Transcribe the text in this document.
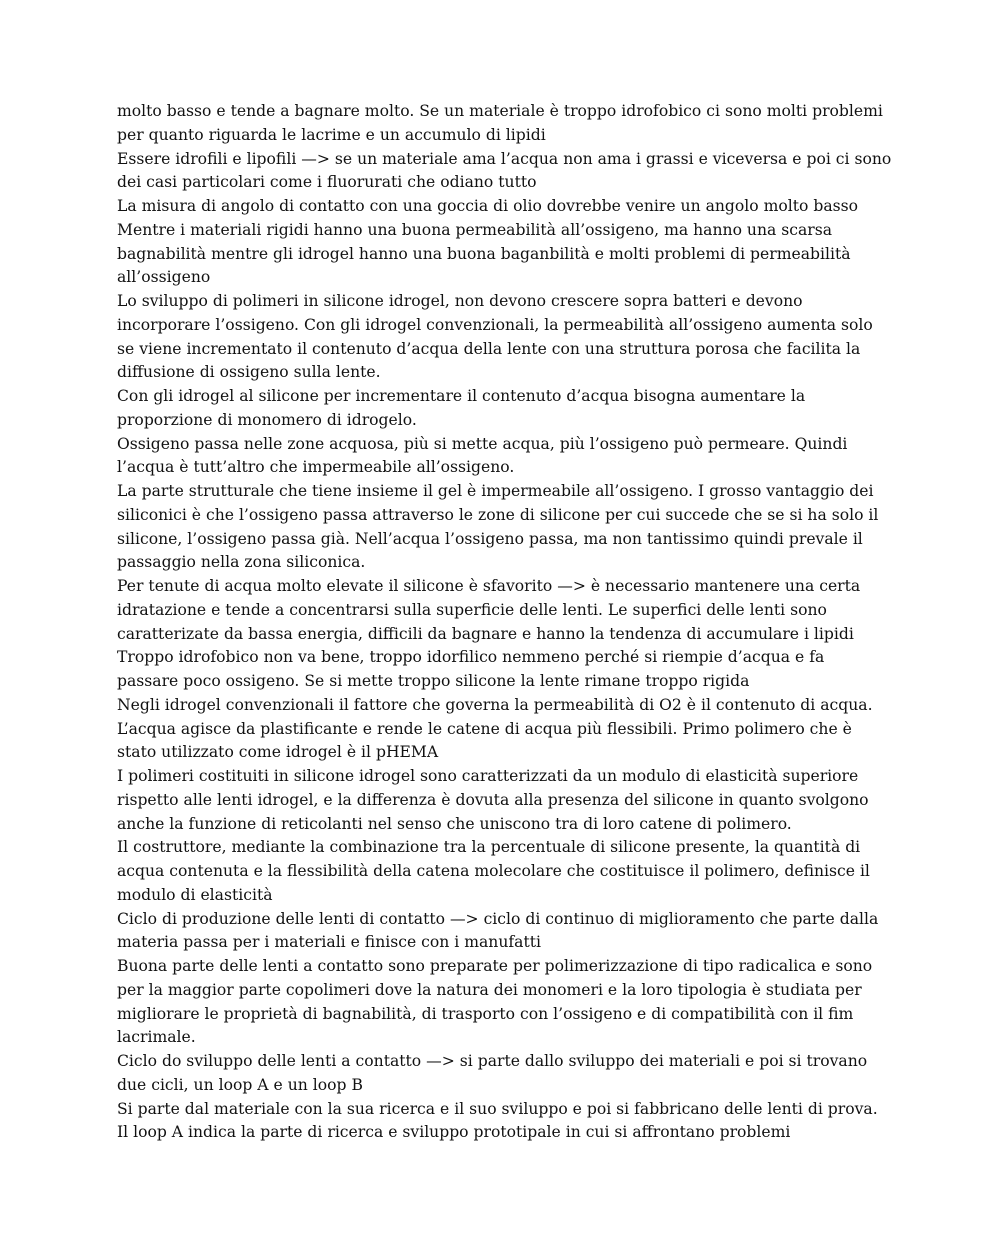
molto basso e tende a bagnare molto. Se un materiale è troppo idrofobico ci sono molti problemi
per quanto riguarda le lacrime e un accumulo di lipidi
Essere idrofili e lipofili —> se un materiale ama l’acqua non ama i grassi e viceversa e poi ci sono
dei casi particolari come i fluorurati che odiano tutto
La misura di angolo di contatto con una goccia di olio dovrebbe venire un angolo molto basso
Mentre i materiali rigidi hanno una buona permeabilità all’ossigeno, ma hanno una scarsa
bagnabilità mentre gli idrogel hanno una buona baganbilità e molti problemi di permeabilità
all’ossigeno
Lo sviluppo di polimeri in silicone idrogel, non devono crescere sopra batteri e devono
incorporare l’ossigeno. Con gli idrogel convenzionali, la permeabilità all’ossigeno aumenta solo
se viene incrementato il contenuto d’acqua della lente con una struttura porosa che facilita la
diffusione di ossigeno sulla lente.
Con gli idrogel al silicone per incrementare il contenuto d’acqua bisogna aumentare la
proporzione di monomero di idrogelo.
Ossigeno passa nelle zone acquosa, più si mette acqua, più l’ossigeno può permeare. Quindi
l’acqua è tutt’altro che impermeabile all’ossigeno.
La parte strutturale che tiene insieme il gel è impermeabile all’ossigeno. I grosso vantaggio dei
siliconici è che l’ossigeno passa attraverso le zone di silicone per cui succede che se si ha solo il
silicone, l’ossigeno passa già. Nell’acqua l’ossigeno passa, ma non tantissimo quindi prevale il
passaggio nella zona siliconica.
Per tenute di acqua molto elevate il silicone è sfavorito —> è necessario mantenere una certa
idratazione e tende a concentrarsi sulla superficie delle lenti. Le superfici delle lenti sono
caratterizate da bassa energia, difficili da bagnare e hanno la tendenza di accumulare i lipidi
Troppo idrofobico non va bene, troppo idorfilico nemmeno perché si riempie d’acqua e fa
passare poco ossigeno. Se si mette troppo silicone la lente rimane troppo rigida
Negli idrogel convenzionali il fattore che governa la permeabilità di O2 è il contenuto di acqua.
L’acqua agisce da plastificante e rende le catene di acqua più flessibili. Primo polimero che è
stato utilizzato come idrogel è il pHEMA
I polimeri costituiti in silicone idrogel sono caratterizzati da un modulo di elasticità superiore
rispetto alle lenti idrogel, e la differenza è dovuta alla presenza del silicone in quanto svolgono
anche la funzione di reticolanti nel senso che uniscono tra di loro catene di polimero.
Il costruttore, mediante la combinazione tra la percentuale di silicone presente, la quantità di
acqua contenuta e la flessibilità della catena molecolare che costituisce il polimero, definisce il
modulo di elasticità
Ciclo di produzione delle lenti di contatto —> ciclo di continuo di miglioramento che parte dalla
materia passa per i materiali e finisce con i manufatti
Buona parte delle lenti a contatto sono preparate per polimerizzazione di tipo radicalica e sono
per la maggior parte copolimeri dove la natura dei monomeri e la loro tipologia è studiata per
migliorare le proprietà di bagnabilità, di trasporto con l’ossigeno e di compatibilità con il fim
lacrimale.
Ciclo do sviluppo delle lenti a contatto —> si parte dallo sviluppo dei materiali e poi si trovano
due cicli, un loop A e un loop B
Si parte dal materiale con la sua ricerca e il suo sviluppo e poi si fabbricano delle lenti di prova.
Il loop A indica la parte di ricerca e sviluppo prototipale in cui si affrontano problemi
